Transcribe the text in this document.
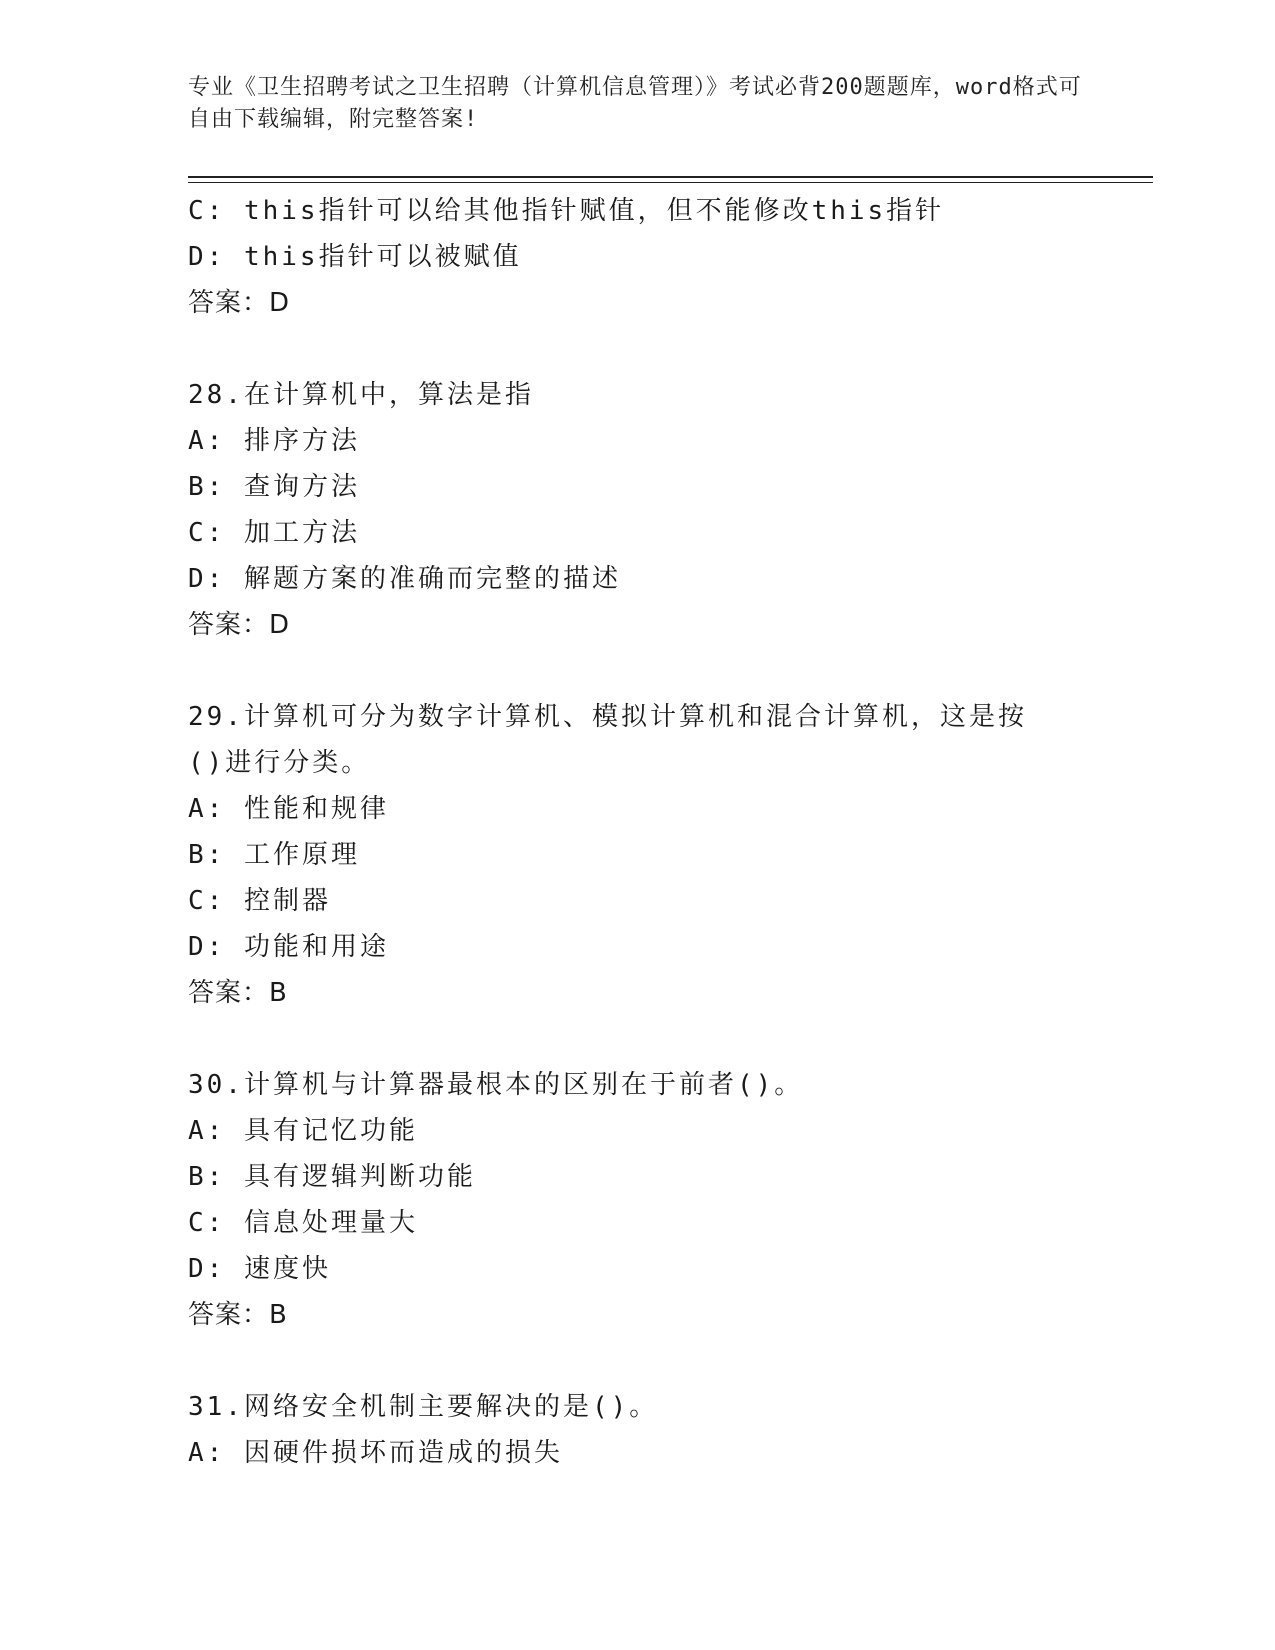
专业《卫生招聘考试之卫生招聘（计算机信息管理）》考试必背200题题库，word格式可自由下载编辑，附完整答案!
C: this指针可以给其他指针赋值，但不能修改this指针
D: this指针可以被赋值
答案：D
28.在计算机中，算法是指
A: 排序方法
B: 查询方法
C: 加工方法
D: 解题方案的准确而完整的描述
答案：D
29.计算机可分为数字计算机、模拟计算机和混合计算机，这是按()进行分类。
A: 性能和规律
B: 工作原理
C: 控制器
D: 功能和用途
答案：B
30.计算机与计算器最根本的区别在于前者()。
A: 具有记忆功能
B: 具有逻辑判断功能
C: 信息处理量大
D: 速度快
答案：B
31.网络安全机制主要解决的是()。
A: 因硬件损坏而造成的损失
